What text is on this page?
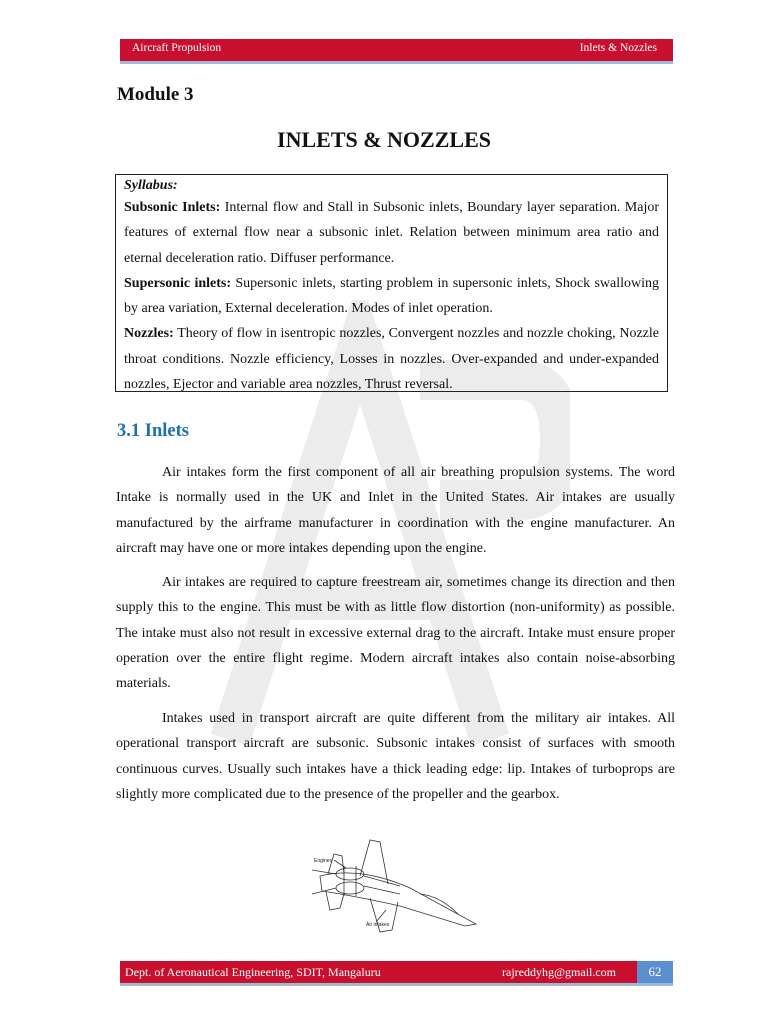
Aircraft Propulsion	Inlets & Nozzles
Module 3
INLETS & NOZZLES
Syllabus:

Subsonic Inlets: Internal flow and Stall in Subsonic inlets, Boundary layer separation. Major features of external flow near a subsonic inlet. Relation between minimum area ratio and eternal deceleration ratio. Diffuser performance.

Supersonic inlets: Supersonic inlets, starting problem in supersonic inlets, Shock swallowing by area variation, External deceleration. Modes of inlet operation.

Nozzles: Theory of flow in isentropic nozzles, Convergent nozzles and nozzle choking, Nozzle throat conditions. Nozzle efficiency, Losses in nozzles. Over-expanded and under-expanded nozzles, Ejector and variable area nozzles, Thrust reversal.

3.1 Inlets

Air intakes form the first component of all air breathing propulsion systems. The word Intake is normally used in the UK and Inlet in the United States. Air intakes are usually manufactured by the airframe manufacturer in coordination with the engine manufacturer. An aircraft may have one or more intakes depending upon the engine.

Air intakes are required to capture freestream air, sometimes change its direction and then supply this to the engine. This must be with as little flow distortion (non-uniformity) as possible. The intake must also not result in excessive external drag to the aircraft. Intake must ensure proper operation over the entire flight regime. Modern aircraft intakes also contain noise-absorbing materials.

Intakes used in transport aircraft are quite different from the military air intakes. All operational transport aircraft are subsonic. Subsonic intakes consist of surfaces with smooth continuous curves. Usually such intakes have a thick leading edge: lip. Intakes of turboprops are slightly more complicated due to the presence of the propeller and the gearbox.

Engines
Air intakes
Dept. of Aeronautical Engineering, SDIT, Mangaluru	rajreddyhg@gmail.com	62
